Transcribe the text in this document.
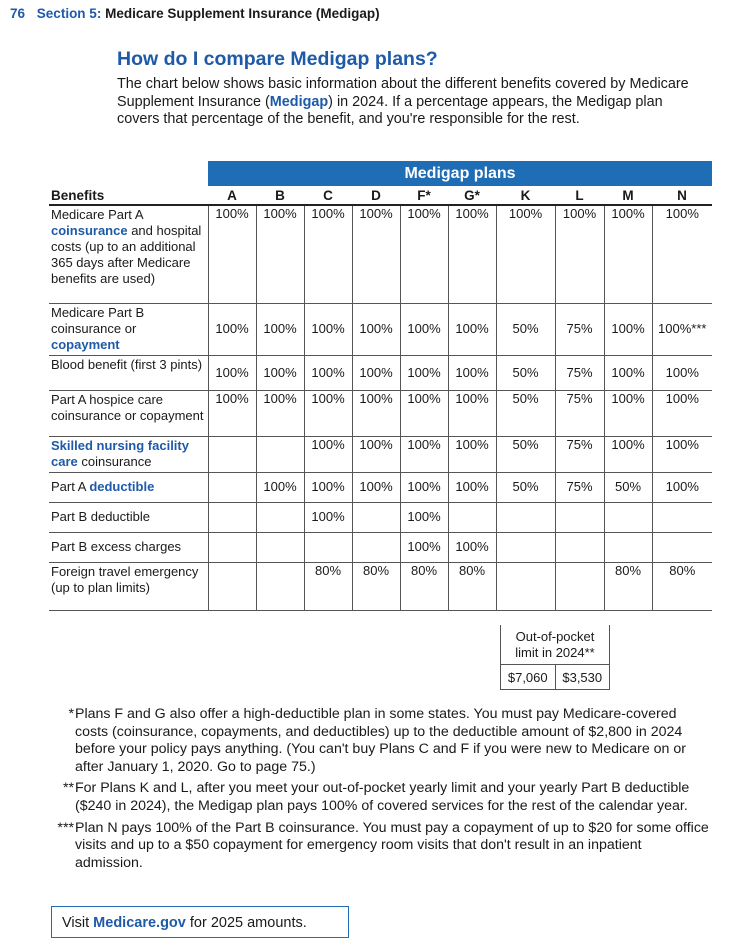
76 Section 5: Medicare Supplement Insurance (Medigap)
How do I compare Medigap plans?

The chart below shows basic information about the different benefits covered by Medicare Supplement Insurance (Medigap) in 2024. If a percentage appears, the Medigap plan covers that percentage of the benefit, and you're responsible for the rest.

	Medigap plans									
Benefits	A	B	C	D	F*	G*	K	L	M	N
Medicare Part A coinsurance and hospital costs (up to an additional 365 days after Medicare benefits are used)	100%	100%	100%	100%	100%	100%	100%	100%	100%	100%
Medicare Part B coinsurance or copayment	100%	100%	100%	100%	100%	100%	50%	75%	100%	100%***
Blood benefit (first 3 pints)	100%	100%	100%	100%	100%	100%	50%	75%	100%	100%
Part A hospice care coinsurance or copayment	100%	100%	100%	100%	100%	100%	50%	75%	100%	100%
Skilled nursing facility care coinsurance			100%	100%	100%	100%	50%	75%	100%	100%
Part A deductible		100%	100%	100%	100%	100%	50%	75%	50%	100%
Part B deductible			100%		100%					
Part B excess charges					100%	100%				
Foreign travel emergency (up to plan limits)			80%	80%	80%	80%			80%	80%
Out-of-pocket limit in 2024**
$7,060	$3,530
* Plans F and G also offer a high-deductible plan in some states. You must pay Medicare-covered costs (coinsurance, copayments, and deductibles) up to the deductible amount of $2,800 in 2024 before your policy pays anything. (You can't buy Plans C and F if you were new to Medicare on or after January 1, 2020. Go to page 75.)
** For Plans K and L, after you meet your out-of-pocket yearly limit and your yearly Part B deductible ($240 in 2024), the Medigap plan pays 100% of covered services for the rest of the calendar year.
*** Plan N pays 100% of the Part B coinsurance. You must pay a copayment of up to $20 for some office visits and up to a $50 copayment for emergency room visits that don't result in an inpatient admission.
Visit Medicare.gov for 2025 amounts.
